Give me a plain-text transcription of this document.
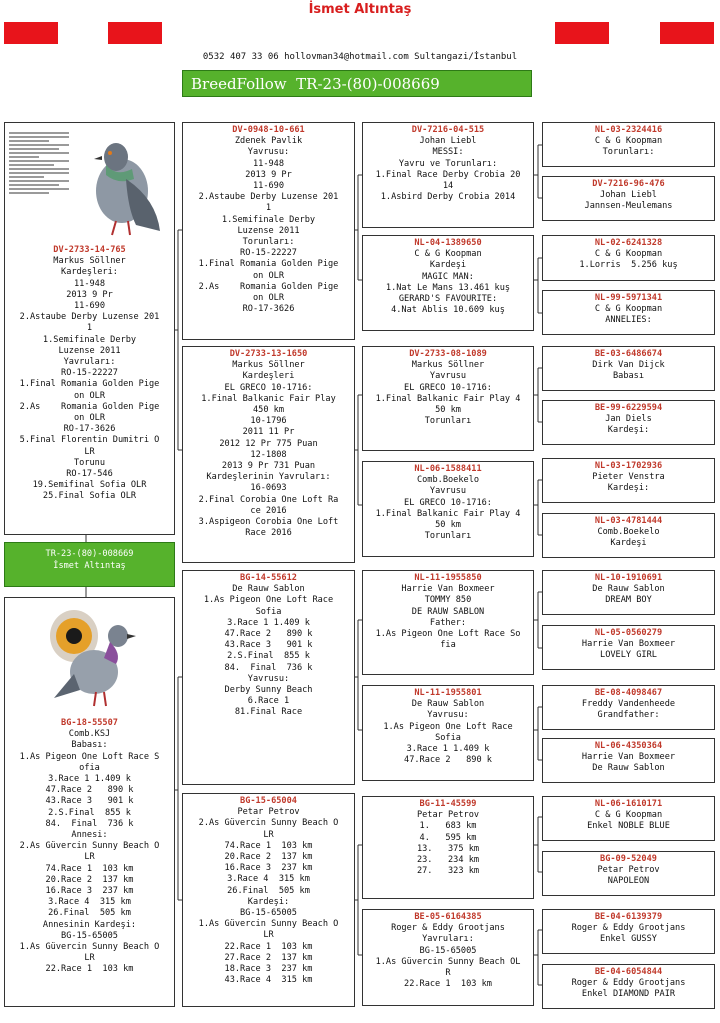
İsmet Altıntaş
0532 407 33 06 hollovman34@hotmail.com Sultangazi/İstanbul
BreedFollow  TR-23-(80)-008669
DV-2733-14-765
Markus Söllner
Kardeşleri:
11-948
2013 9 Pr
11-690
2.Astaube Derby Luzense 201
1
1.Semifinale Derby
Luzense 2011
Yavruları:
RO-15-22227
1.Final Romania Golden Pige
on OLR
2.As    Romania Golden Pige
on OLR
RO-17-3626
5.Final Florentin Dumitri O
LR
Torunu
RO-17-546
19.Semifinal Sofia OLR
25.Final Sofia OLR
TR-23-(80)-008669
İsmet Altıntaş
BG-18-55507
Comb.KSJ
Babası:
1.As Pigeon One Loft Race S
ofia
3.Race 1 1.409 k
47.Race 2   890 k
43.Race 3   901 k
2.S.Final  855 k
84.  Final  736 k
Annesi:
2.As Güvercin Sunny Beach O
LR
74.Race 1  103 km
20.Race 2  137 km
16.Race 3  237 km
3.Race 4  315 km
26.Final  505 km
Annesinin Kardeşi:
BG-15-65005
1.As Güvercin Sunny Beach O
LR
22.Race 1  103 km
DV-0948-10-661
Zdenek Pavlik
Yavrusu:
11-948
2013 9 Pr
11-690
2.Astaube Derby Luzense 201
1
1.Semifinale Derby
Luzense 2011
Torunları:
RO-15-22227
1.Final Romania Golden Pige
on OLR
2.As    Romania Golden Pige
on OLR
RO-17-3626
DV-2733-13-1650
Markus Söllner
Kardeşleri
EL GRECO 10-1716:
1.Final Balkanic Fair Play
450 km
10-1796
2011 11 Pr
2012 12 Pr 775 Puan
12-1808
2013 9 Pr 731 Puan
Kardeşlerinin Yavruları:
16-0693
2.Final Corobia One Loft Ra
ce 2016
3.Aspigeon Corobia One Loft
Race 2016
BG-14-55612
De Rauw Sablon
1.As Pigeon One Loft Race
Sofia
3.Race 1 1.409 k
47.Race 2   890 k
43.Race 3   901 k
2.S.Final  855 k
84.  Final  736 k
Yavrusu:
Derby Sunny Beach
6.Race 1
81.Final Race
BG-15-65004
Petar Petrov
2.As Güvercin Sunny Beach O
LR
74.Race 1  103 km
20.Race 2  137 km
16.Race 3  237 km
3.Race 4  315 km
26.Final  505 km
Kardeşi:
BG-15-65005
1.As Güvercin Sunny Beach O
LR
22.Race 1  103 km
27.Race 2  137 km
18.Race 3  237 km
43.Race 4  315 km
DV-7216-04-515
Johan Liebl
MESSI:
Yavru ve Torunları:
1.Final Race Derby Crobia 20
14
1.Asbird Derby Crobia 2014
NL-04-1389650
C & G Koopman
Kardeşi
MAGIC MAN:
1.Nat Le Mans 13.461 kuş
GERARD'S FAVOURITE:
4.Nat Ablis 10.609 kuş
DV-2733-08-1089
Markus Söllner
Yavrusu
EL GRECO 10-1716:
1.Final Balkanic Fair Play 4
50 km
Torunları
NL-06-1588411
Comb.Boekelo
Yavrusu
EL GRECO 10-1716:
1.Final Balkanic Fair Play 4
50 km
Torunları
NL-11-1955850
Harrie Van Boxmeer
TOMMY 850
DE RAUW SABLON
Father:
1.As Pigeon One Loft Race So
fia
NL-11-1955801
De Rauw Sablon
Yavrusu:
1.As Pigeon One Loft Race
Sofia
3.Race 1 1.409 k
47.Race 2   890 k
BG-11-45599
Petar Petrov
1.   683 km
4.   595 km
13.   375 km
23.   234 km
27.   323 km
BE-05-6164385
Roger & Eddy Grootjans
Yavruları:
BG-15-65005
1.As Güvercin Sunny Beach OL
R
22.Race 1  103 km
NL-03-2324416
C & G Koopman
Torunları:
DV-7216-96-476
Johan Liebl
Jannsen-Meulemans
NL-02-6241328
C & G Koopman
1.Lorris  5.256 kuş
NL-99-5971341
C & G Koopman
ANNELIES:
BE-03-6486674
Dirk Van Dijck
Babası
BE-99-6229594
Jan Diels
Kardeşi:
NL-03-1702936
Pieter Venstra
Kardeşi:
NL-03-4781444
Comb.Boekelo
Kardeşi
NL-10-1910691
De Rauw Sablon
DREAM BOY
NL-05-0560279
Harrie Van Boxmeer
LOVELY GIRL
BE-08-4098467
Freddy Vandenheede
Grandfather:
NL-06-4350364
Harrie Van Boxmeer
De Rauw Sablon
NL-06-1610171
C & G Koopman
Enkel NOBLE BLUE
BG-09-52049
Petar Petrov
NAPOLEON
BE-04-6139379
Roger & Eddy Grootjans
Enkel GUSSY
BE-04-6054844
Roger & Eddy Grootjans
Enkel DIAMOND PAIR
